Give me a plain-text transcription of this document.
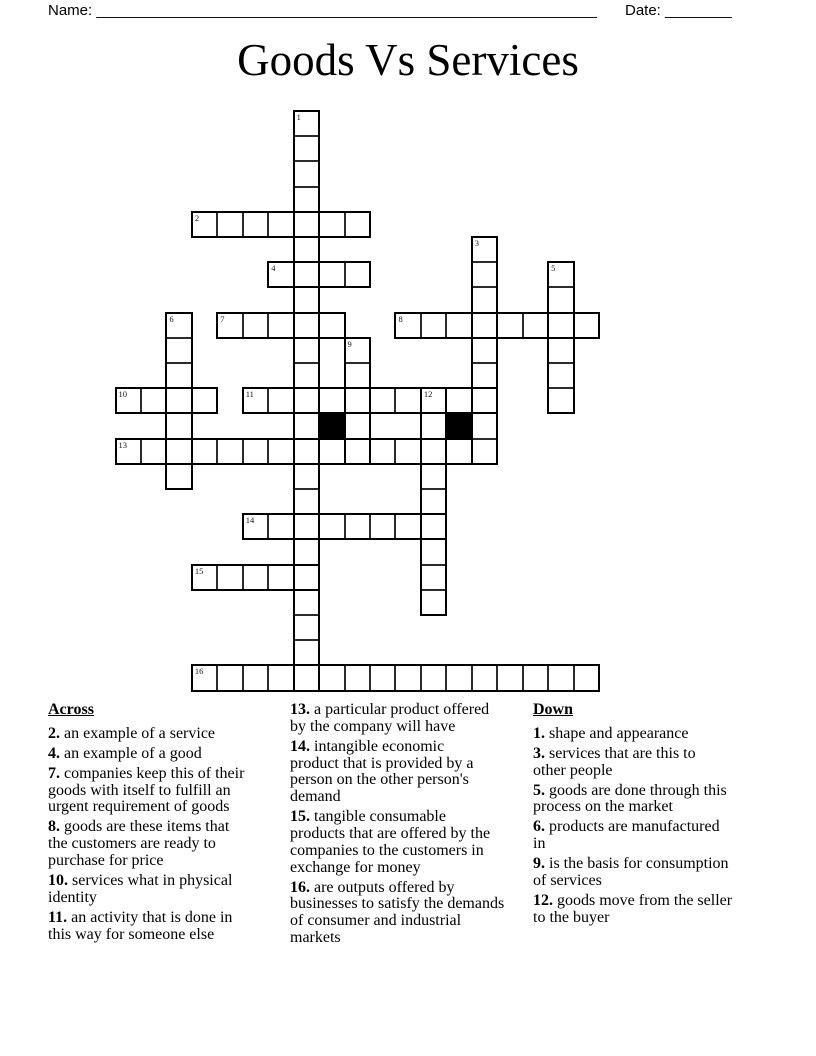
Name: ____________________________________________________________ Date: ________
Goods Vs Services
2
4
7	8
10	11	12
13
14
15
16
1
3
5
6
9
Across
2. an example of a service
4. an example of a good
7. companies keep this of their
goods with itself to fulfill an
urgent requirement of goods
8. goods are these items that
the customers are ready to
purchase for price
10. services what in physical
identity
11. an activity that is done in
this way for someone else
13. a particular product offered
by the company will have
14. intangible economic
product that is provided by a
person on the other person's
demand
15. tangible consumable
products that are offered by the
companies to the customers in
exchange for money
16. are outputs offered by
businesses to satisfy the demands
of consumer and industrial
markets
Down
1. shape and appearance
3. services that are this to
other people
5. goods are done through this
process on the market
6. products are manufactured
in
9. is the basis for consumption
of services
12. goods move from the seller
to the buyer
